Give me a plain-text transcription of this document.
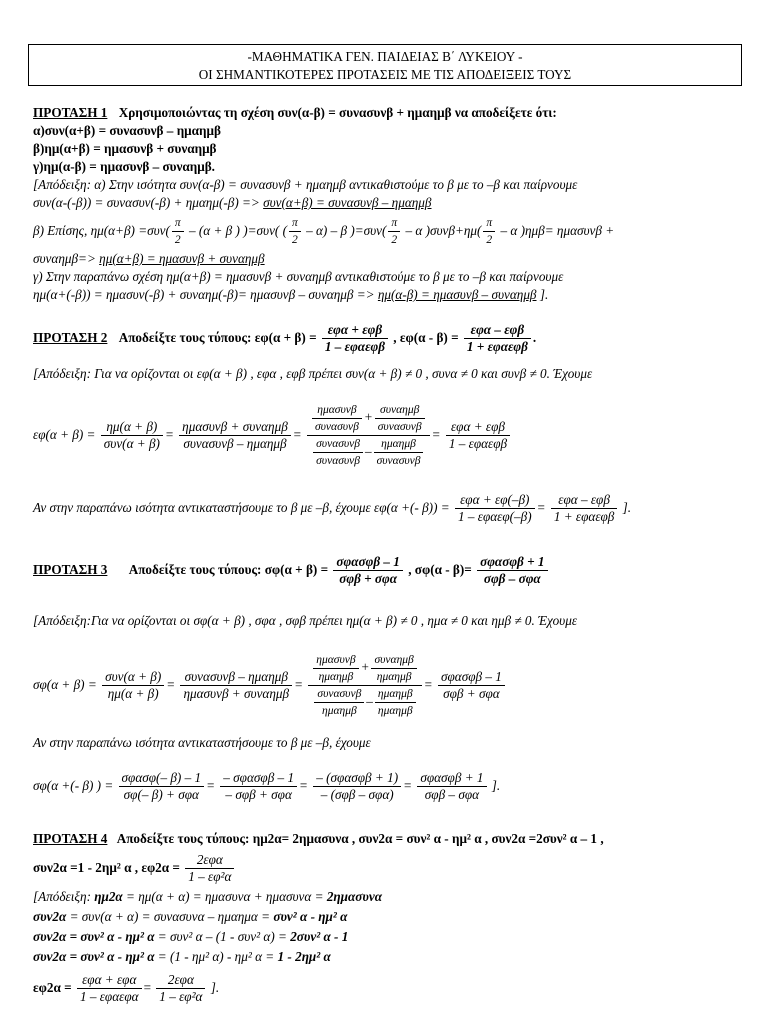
-ΜΑΘΗΜΑΤΙΚΑ ΓΕΝ. ΠΑΙΔΕΙΑΣ Β΄ ΛΥΚΕΙΟΥ -
ΟΙ ΣΗΜΑΝΤΙΚΟΤΕΡΕΣ ΠΡΟΤΑΣΕΙΣ ΜΕ ΤΙΣ ΑΠΟΔΕΙΞΕΙΣ ΤΟΥΣ
ΠΡΟΤΑΣΗ 1 Χρησιμοποιώντας τη σχέση συν(α-β) = συνασυνβ + ημαημβ να αποδείξετε ότι:
α)συν(α+β) = συνασυνβ – ημαημβ
β)ημ(α+β) = ημασυνβ + συναημβ
γ)ημ(α-β) = ημασυνβ – συναημβ.
[Απόδειξη: α) Στην ισότητα συν(α-β) = συνασυνβ + ημαημβ αντικαθιστούμε το β με το –β και παίρνουμε
συν(α-(-β)) = συνασυν(-β) + ημαημ(-β) => συν(α+β) = συνασυνβ – ημαημβ
β) Επίσης, $\eta\mu(\alpha+\beta) =\sigma\upsilon\nu( \frac{\pi}{2} - (\alpha + \beta$ ) )=συν( ( $\frac{\pi}{2} - \alpha$) – β )$=\sigma\upsilon\nu( \frac{\pi}{2} - \alpha$ )$\sigma\upsilon\nu\beta+\eta\mu( \frac{\pi}{2} - \alpha$ )ημβ= ημασυνβ +
συναημβ=> ημ(α+β) = ημασυνβ + συναημβ
γ) Στην παραπάνω σχέση ημ(α+β) = ημασυνβ + συναημβ αντικαθιστούμε το β με το –β και παίρνουμε
ημ(α+(-β)) = ημασυν(-β) + συναημ(-β)= ημασυνβ – συναημβ => ημ(α-β) = ημασυνβ – συναημβ ].
ΠΡΟΤΑΣΗ 2 Αποδείξτε τους τύπους: $\varepsilon\varphi(\alpha + \beta) = \frac{\text{εφα + εφβ}}{\text{1 – εφαεφβ}}$ , $\varepsilon\varphi(\alpha - \beta) = \frac{\text{εφα – εφβ}}{\text{1 + εφαεφβ}}$ .
[Απόδειξη: Για να ορίζονται οι εφ(α + β) , εφα , εφβ πρέπει συν(α + β) ≠ 0 , συνα ≠ 0 και συνβ ≠ 0. Έχουμε
$\varepsilon\varphi(\alpha + \beta) = \frac{\eta\mu(\alpha + \beta)}{\text{συν(α + β)}} = \frac{\text{ημασυνβ + συναημβ}}{\text{συνασυνβ – ημαημβ}} = \frac{\frac{\text{ημασυνβ}}{\text{συνασυνβ}} + \frac{\text{συναημβ}}{\text{συνασυνβ}}}{\frac{\text{συνασυνβ}}{\text{συνασυνβ}} - \frac{\text{ημαημβ}}{\text{συνασυνβ}}} = \frac{\text{εφα + εφβ}}{\text{1 – εφαεφβ}}$
Αν στην παραπάνω ισότητα αντικαταστήσουμε το β με –β, έχουμε εφ(α +(- $\beta)) = \frac{\text{εφα + εφ(–β)}}{\text{1 – εφαεφ(–β)}} = \frac{\text{εφα – εφβ}}{\text{1 + εφαεφβ}}$ ].
ΠΡΟΤΑΣΗ 3 Αποδείξτε τους τύπους: $\sigma\varphi(\alpha + \beta) = \frac{\text{σφασφβ – 1}}{\text{σφβ + σφα}}$ , $\sigma\varphi(\alpha - \beta)= \frac{\text{σφασφβ + 1}}{\text{σφβ – σφα}}$
[Απόδειξη:Για να ορίζονται οι σφ(α + β) , σφα , σφβ πρέπει ημ(α + β) ≠ 0 , ημα ≠ 0 και ημβ ≠ 0. Έχουμε
$\sigma\varphi(\alpha + \beta) = \frac{\text{συν(α + β)}}{\eta\mu(\alpha + \beta)} = \frac{\text{συνασυνβ – ημαημβ}}{\text{ημασυνβ + συναημβ}} = \frac{\frac{\text{ημασυνβ}}{\text{ημαημβ}} + \frac{\text{συναημβ}}{\text{ημαημβ}}}{\frac{\text{συνασυνβ}}{\text{ημαημβ}} - \frac{\text{ημαημβ}}{\text{ημαημβ}}} = \frac{\text{σφασφβ – 1}}{\text{σφβ + σφα}}$
Αν στην παραπάνω ισότητα αντικαταστήσουμε το β με –β, έχουμε
σφ(α +(- β) ) = $\frac{\text{σφασφ(– β) – 1}}{\text{σφ(– β) + σφα}} = \frac{\text{– σφασφβ – 1}}{\text{– σφβ + σφα}} = \frac{\text{– (σφασφβ + 1)}}{\text{– (σφβ – σφα)}} = \frac{\text{σφασφβ + 1}}{\text{σφβ – σφα}}$ ].
ΠΡΟΤΑΣΗ 4 Αποδείξτε τους τύπους: ημ2α= 2ημασυνα , συν2α = συν² α - ημ² α , συν2α =2συν² α – 1 ,
συν2α =1 - 2ημ² α , $\varepsilon\varphi 2\alpha = \frac{\text{2εφα}}{\text{1 – εφ²α}}$
[Απόδειξη: ημ2α = ημ(α + α) = ημασυνα + ημασυνα = 2ημασυνα
συν2α = συν(α + α) = συνασυνα – ημαημα = συν² α - ημ² α
συν2α = συν² α - ημ² α = συν² α – (1 - συν² α) = 2συν² α - 1
συν2α = συν² α - ημ² α = (1 - ημ² α) - ημ² α = 1 - 2ημ² α
$\varepsilon\varphi 2\alpha = \frac{\text{εφα + εφα}}{\text{1 – εφαεφα}} = \frac{\text{2εφα}}{\text{1 – εφ²α}}$ ].
